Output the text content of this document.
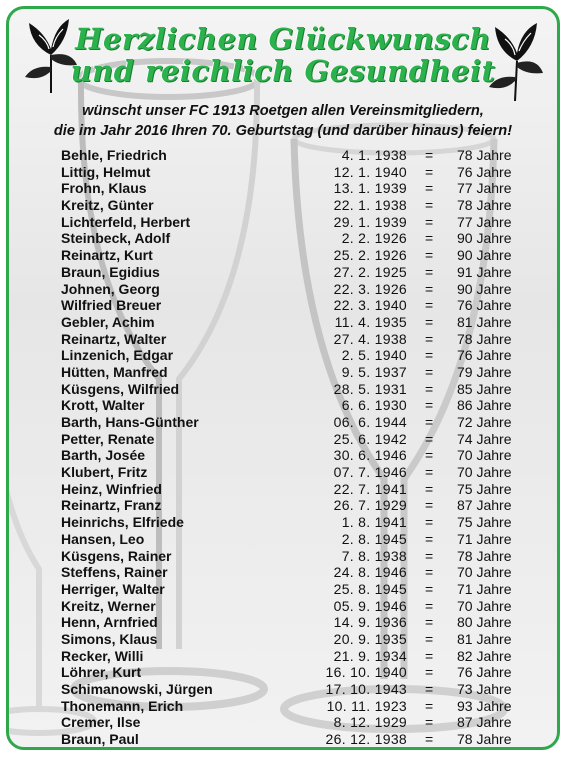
Herzlichen Glückwunsch
und reichlich Gesundheit
wünscht unser FC 1913 Roetgen allen Vereinsmitgliedern,
die im Jahr 2016 Ihren 70. Geburtstag (und darüber hinaus) feiern!
Behle, Friedrich	4. 1. 1938 = 78 Jahre
Littig, Helmut	12. 1. 1940 = 76 Jahre
Frohn, Klaus	13. 1. 1939 = 77 Jahre
Kreitz, Günter	22. 1. 1938 = 78 Jahre
Lichterfeld, Herbert	29. 1. 1939 = 77 Jahre
Steinbeck, Adolf	2. 2. 1926 = 90 Jahre
Reinartz, Kurt	25. 2. 1926 = 90 Jahre
Braun, Egidius	27. 2. 1925 = 91 Jahre
Johnen, Georg	22. 3. 1926 = 90 Jahre
Wilfried Breuer	22. 3. 1940 = 76 Jahre
Gebler, Achim	11. 4. 1935 = 81 Jahre
Reinartz, Walter	27. 4. 1938 = 78 Jahre
Linzenich, Edgar	2. 5. 1940 = 76 Jahre
Hütten, Manfred	9. 5. 1937 = 79 Jahre
Küsgens, Wilfried	28. 5. 1931 = 85 Jahre
Krott, Walter	6. 6. 1930 = 86 Jahre
Barth, Hans-Günther	06. 6. 1944 = 72 Jahre
Petter, Renate	25. 6. 1942 = 74 Jahre
Barth, Josée	30. 6. 1946 = 70 Jahre
Klubert, Fritz	07. 7. 1946 = 70 Jahre
Heinz, Winfried	22. 7. 1941 = 75 Jahre
Reinartz, Franz	26. 7. 1929 = 87 Jahre
Heinrichs, Elfriede	1. 8. 1941 = 75 Jahre
Hansen, Leo	2. 8. 1945 = 71 Jahre
Küsgens, Rainer	7. 8. 1938 = 78 Jahre
Steffens, Rainer	24. 8. 1946 = 70 Jahre
Herriger, Walter	25. 8. 1945 = 71 Jahre
Kreitz, Werner	05. 9. 1946 = 70 Jahre
Henn, Arnfried	14. 9. 1936 = 80 Jahre
Simons, Klaus	20. 9. 1935 = 81 Jahre
Recker, Willi	21. 9. 1934 = 82 Jahre
Löhrer, Kurt	16. 10. 1940 = 76 Jahre
Schimanowski, Jürgen	17. 10. 1943 = 73 Jahre
Thonemann, Erich	10. 11. 1923 = 93 Jahre
Cremer, Ilse	8. 12. 1929 = 87 Jahre
Braun, Paul	26. 12. 1938 = 78 Jahre
